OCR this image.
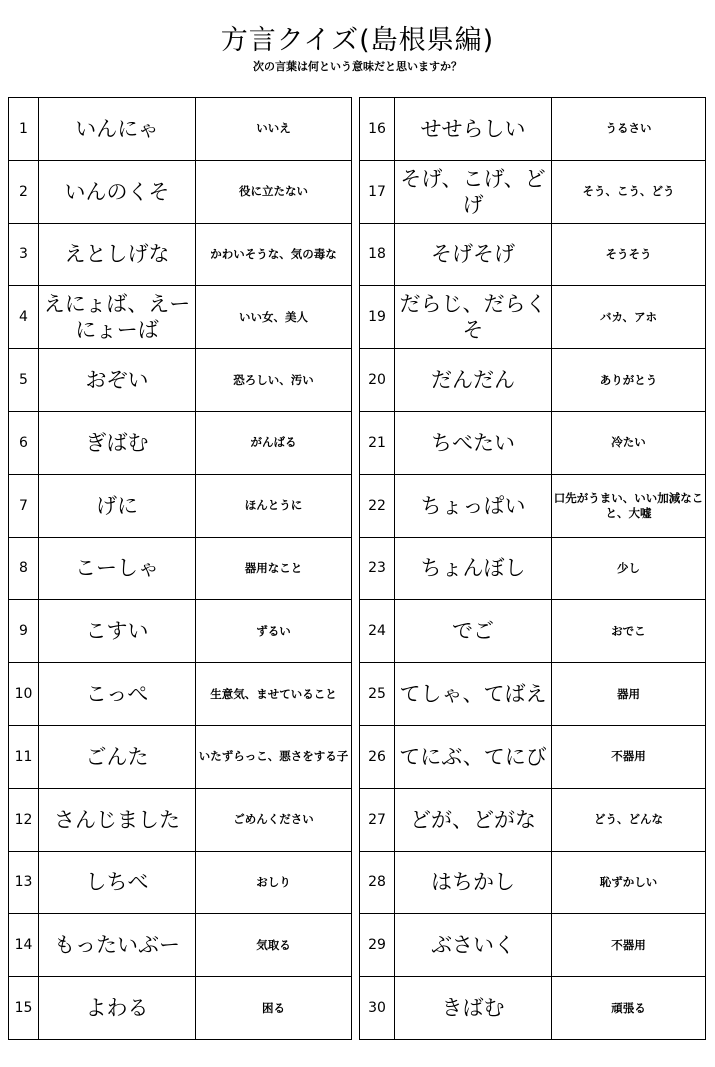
方言クイズ(島根県編)
次の言葉は何という意味だと思いますか？
1	いんにゃ	いいえ
2	いんのくそ	役に立たない
3	えとしげな	かわいそうな、気の毒な
4	えにょば、えーにょーば	いい女、美人
5	おぞい	恐ろしい、汚い
6	ぎばむ	がんばる
7	げに	ほんとうに
8	こーしゃ	器用なこと
9	こすい	ずるい
10	こっぺ	生意気、ませていること
11	ごんた	いたずらっこ、悪さをする子
12	さんじました	ごめんください
13	しちべ	おしり
14	もったいぶー	気取る
15	よわる	困る
16	せせらしい	うるさい
17	そげ、こげ、どげ	そう、こう、どう
18	そげそげ	そうそう
19	だらじ、だらくそ	バカ、アホ
20	だんだん	ありがとう
21	ちべたい	冷たい
22	ちょっぱい	口先がうまい、いい加減なこと、大嘘
23	ちょんぼし	少し
24	でご	おでこ
25	てしゃ、てばえ	器用
26	てにぶ、てにび	不器用
27	どが、どがな	どう、どんな
28	はちかし	恥ずかしい
29	ぶさいく	不器用
30	きばむ	頑張る
